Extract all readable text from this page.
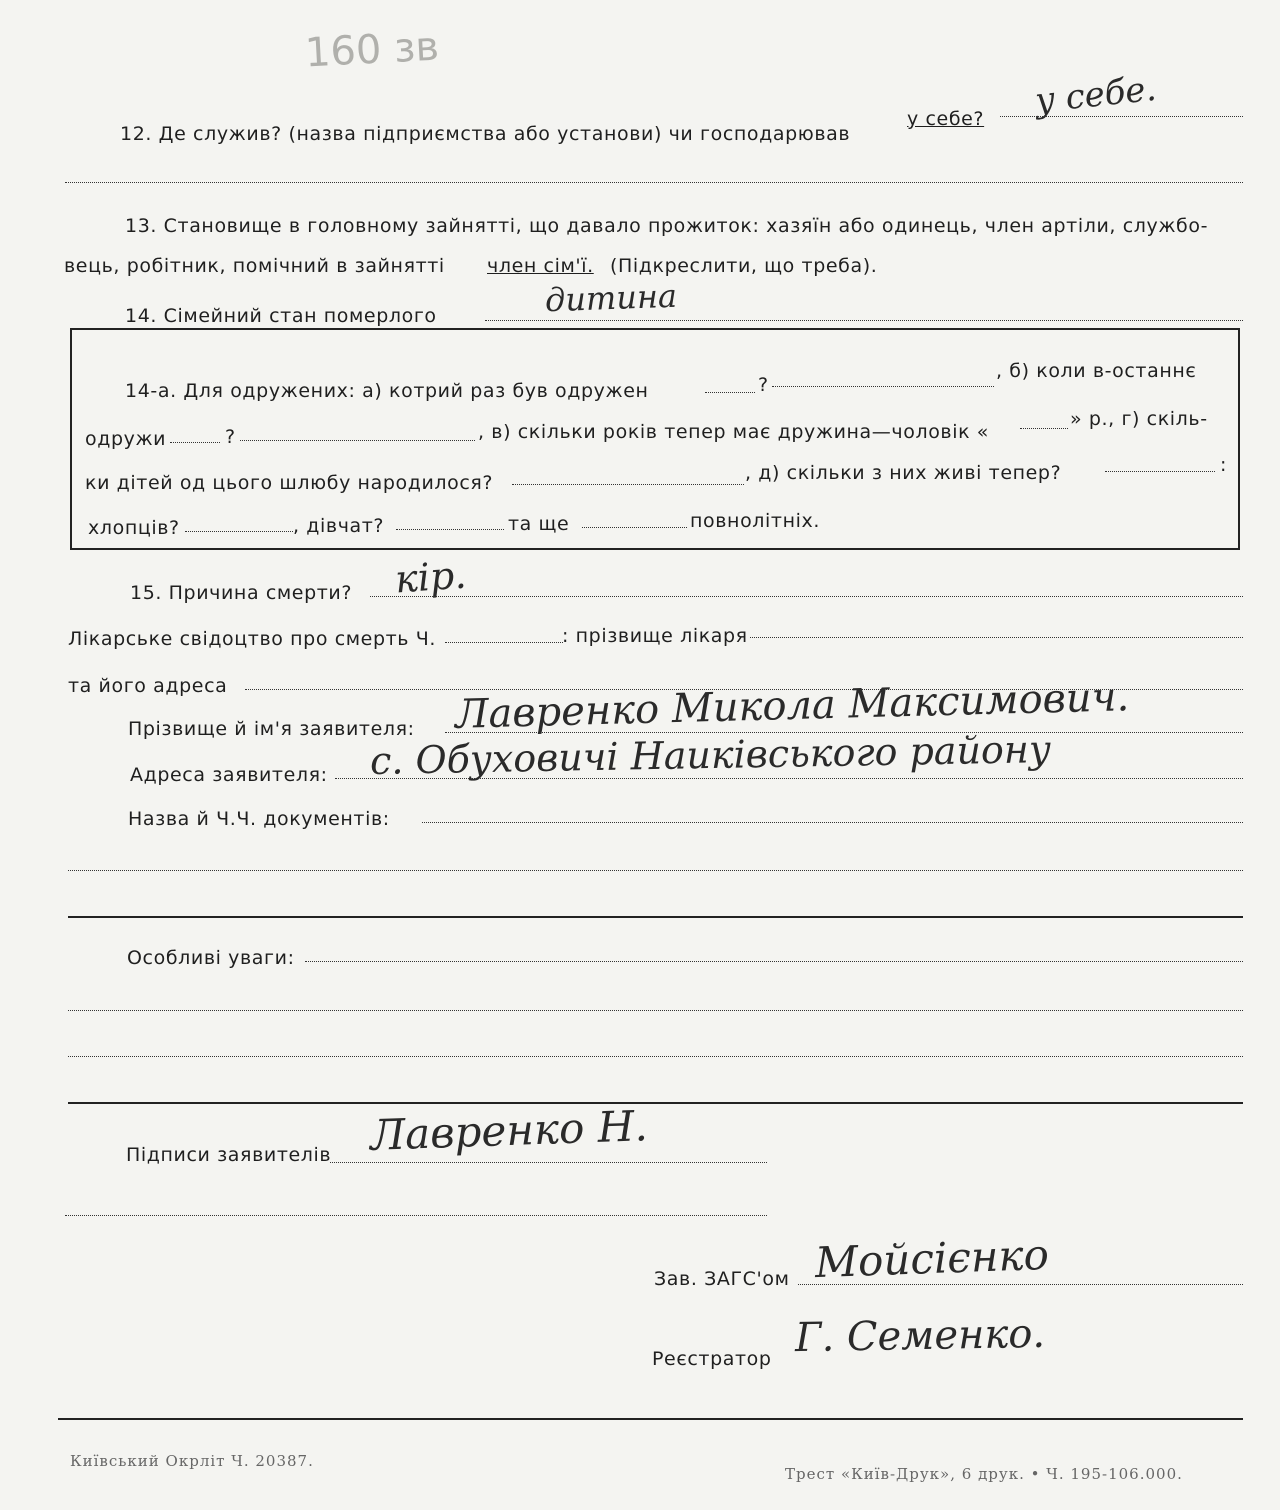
160 зв
12. Де служив? (назва підприємства або установи) чи господарював
у себе? у себе.
13. Становище в головному зайнятті, що давало прожиток: хазяїн або одинець, член артіли, службо-
вець, робітник, помічний в зайнятті член сім'ї. (Підкреслити, що треба).
14. Сімейний стан померлого	дитина
14-а. Для одружених: а) котрий раз був одружен	?
, б) коли в-останнє
одружи	?	, в) скільки років тепер має дружина—чоловік «
» р., г) скіль-
ки дітей од цього шлюбу народилося?	, д) скільки з них живі тепер?	:
хлопців?	, дівчат?	та ще	повнолітніх.
15. Причина смерти? кір.
Лікарське свідоцтво про смерть Ч.	: прізвище лікаря
та його адреса
Прізвище й ім'я заявителя: Лавренко Микола Максимович.
Адреса заявителя: с. Обуховичі Наиківського району
Назва й Ч.Ч. документів:
Особливі уваги:
Підписи заявителів Лавренко Н.
Зав. ЗАГС'ом Мойсієнко
Реєстратор Г. Семенко.
Київський Окрліт Ч. 20387.
Трест «Київ-Друк», 6 друк. • Ч. 195-106.000.
